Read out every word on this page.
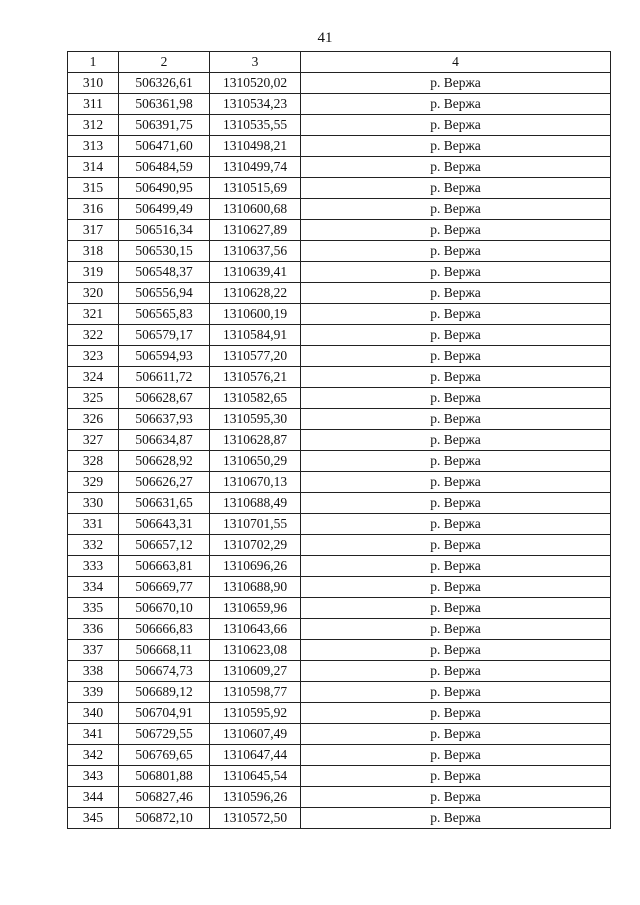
41
1	2	3	4
310	506326,61	1310520,02	р. Вержа
311	506361,98	1310534,23	р. Вержа
312	506391,75	1310535,55	р. Вержа
313	506471,60	1310498,21	р. Вержа
314	506484,59	1310499,74	р. Вержа
315	506490,95	1310515,69	р. Вержа
316	506499,49	1310600,68	р. Вержа
317	506516,34	1310627,89	р. Вержа
318	506530,15	1310637,56	р. Вержа
319	506548,37	1310639,41	р. Вержа
320	506556,94	1310628,22	р. Вержа
321	506565,83	1310600,19	р. Вержа
322	506579,17	1310584,91	р. Вержа
323	506594,93	1310577,20	р. Вержа
324	506611,72	1310576,21	р. Вержа
325	506628,67	1310582,65	р. Вержа
326	506637,93	1310595,30	р. Вержа
327	506634,87	1310628,87	р. Вержа
328	506628,92	1310650,29	р. Вержа
329	506626,27	1310670,13	р. Вержа
330	506631,65	1310688,49	р. Вержа
331	506643,31	1310701,55	р. Вержа
332	506657,12	1310702,29	р. Вержа
333	506663,81	1310696,26	р. Вержа
334	506669,77	1310688,90	р. Вержа
335	506670,10	1310659,96	р. Вержа
336	506666,83	1310643,66	р. Вержа
337	506668,11	1310623,08	р. Вержа
338	506674,73	1310609,27	р. Вержа
339	506689,12	1310598,77	р. Вержа
340	506704,91	1310595,92	р. Вержа
341	506729,55	1310607,49	р. Вержа
342	506769,65	1310647,44	р. Вержа
343	506801,88	1310645,54	р. Вержа
344	506827,46	1310596,26	р. Вержа
345	506872,10	1310572,50	р. Вержа
